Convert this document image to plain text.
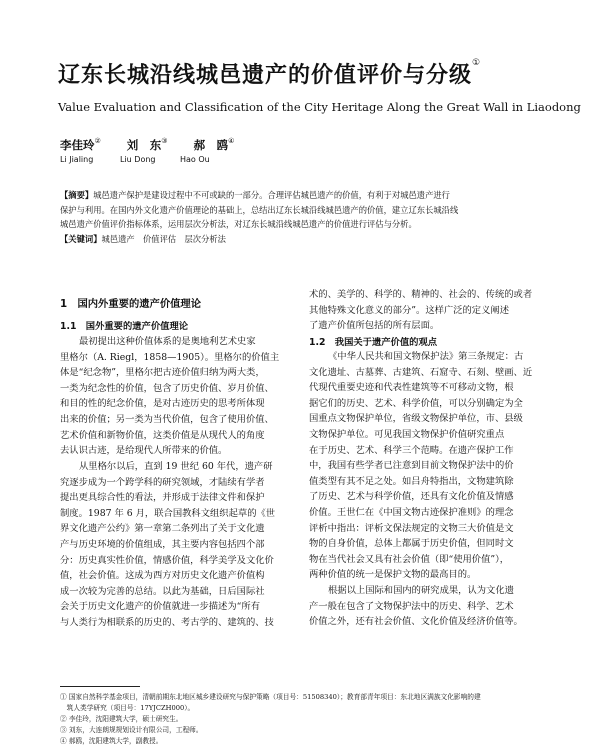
辽东长城沿线城邑遗产的价值评价与分级①
Value Evaluation and Classification of the City Heritage Along the Great Wall in Liaodong
李佳玲② 刘　东③ 郝　鸥④
Li Jialing	Liu Dong	Hao Ou
【摘要】城邑遗产保护是建设过程中不可或缺的一部分。合理评估城邑遗产的价值，有利于对城邑遗产进行
保护与利用。在国内外文化遗产价值理论的基础上，总结出辽东长城沿线城邑遗产的价值，建立辽东长城沿线
城邑遗产价值评价指标体系，运用层次分析法，对辽东长城沿线城邑遗产的价值进行评估与分析。
【关键词】城邑遗产　价值评估　层次分析法
1　国内外重要的遗产价值理论
1.1　国外重要的遗产价值理论
最初提出这种价值体系的是奥地利艺术史家
里格尔（A. Riegl，1858—1905）。里格尔的价值主
体是“纪念物”，里格尔把古迹价值归纳为两大类，
一类为纪念性的价值，包含了历史价值、岁月价值、
和目的性的纪念价值，是对古迹历史的思考所体现
出来的价值；另一类为当代价值，包含了使用价值、
艺术价值和新物价值，这类价值是从现代人的角度
去认识古迹，是给现代人所带来的价值。
从里格尔以后，直到 19 世纪 60 年代，遗产研
究逐步成为一个跨学科的研究领域，才陆续有学者
提出更具综合性的看法，并形成于法律文件和保护
制度。1987 年 6 月，联合国教科文组织起草的《世
界文化遗产公约》第一章第二条列出了关于文化遗
产与历史环境的价值组成，其主要内容包括四个部
分：历史真实性价值，情感价值，科学美学及文化价
值，社会价值。这成为西方对历史文化遗产价值构
成一次较为完善的总结。以此为基础，日后国际社
会关于历史文化遗产的价值就进一步描述为“所有
与人类行为相联系的历史的、考古学的、建筑的、技
术的、美学的、科学的、精神的、社会的、传统的或者
其他特殊文化意义的部分”。这样广泛的定义阐述
了遗产价值所包括的所有层面。
1.2　我国关于遗产价值的观点
《中华人民共和国文物保护法》第三条规定：古
文化遗址、古墓葬、古建筑、石窟寺、石刻、壁画、近
代现代重要史迹和代表性建筑等不可移动文物，根
据它们的历史、艺术、科学价值，可以分别确定为全
国重点文物保护单位，省级文物保护单位，市、县级
文物保护单位。可见我国文物保护价值研究重点
在于历史、艺术、科学三个范畴。在遗产保护工作
中，我国有些学者已注意到目前文物保护法中的价
值类型有其不足之处。如吕舟特指出，文物建筑除
了历史、艺术与科学价值，还具有文化价值及情感
价值。王世仁在《中国文物古迹保护准则》的理念
评析中指出：评析文保法规定的文物三大价值是文
物的自身价值，总体上都属于历史价值，但同时文
物在当代社会又具有社会价值（即“使用价值”），
两种价值的统一是保护文物的最高目的。
根据以上国际和国内的研究成果，认为文化遗
产一般在包含了文物保护法中的历史、科学、艺术
价值之外，还有社会价值、文化价值及经济价值等。
① 国家自然科学基金项目，清朝前期东北地区城乡建设研究与保护策略（项目号：51508340）；教育部青年项目：东北地区满族文化影响的建
　筑人类学研究（项目号：17YJCZH000）。
② 李佳玲，沈阳建筑大学，硕士研究生。
③ 刘东，大连朗规规划设计有限公司，工程师。
④ 郝鸥，沈阳建筑大学，副教授。
